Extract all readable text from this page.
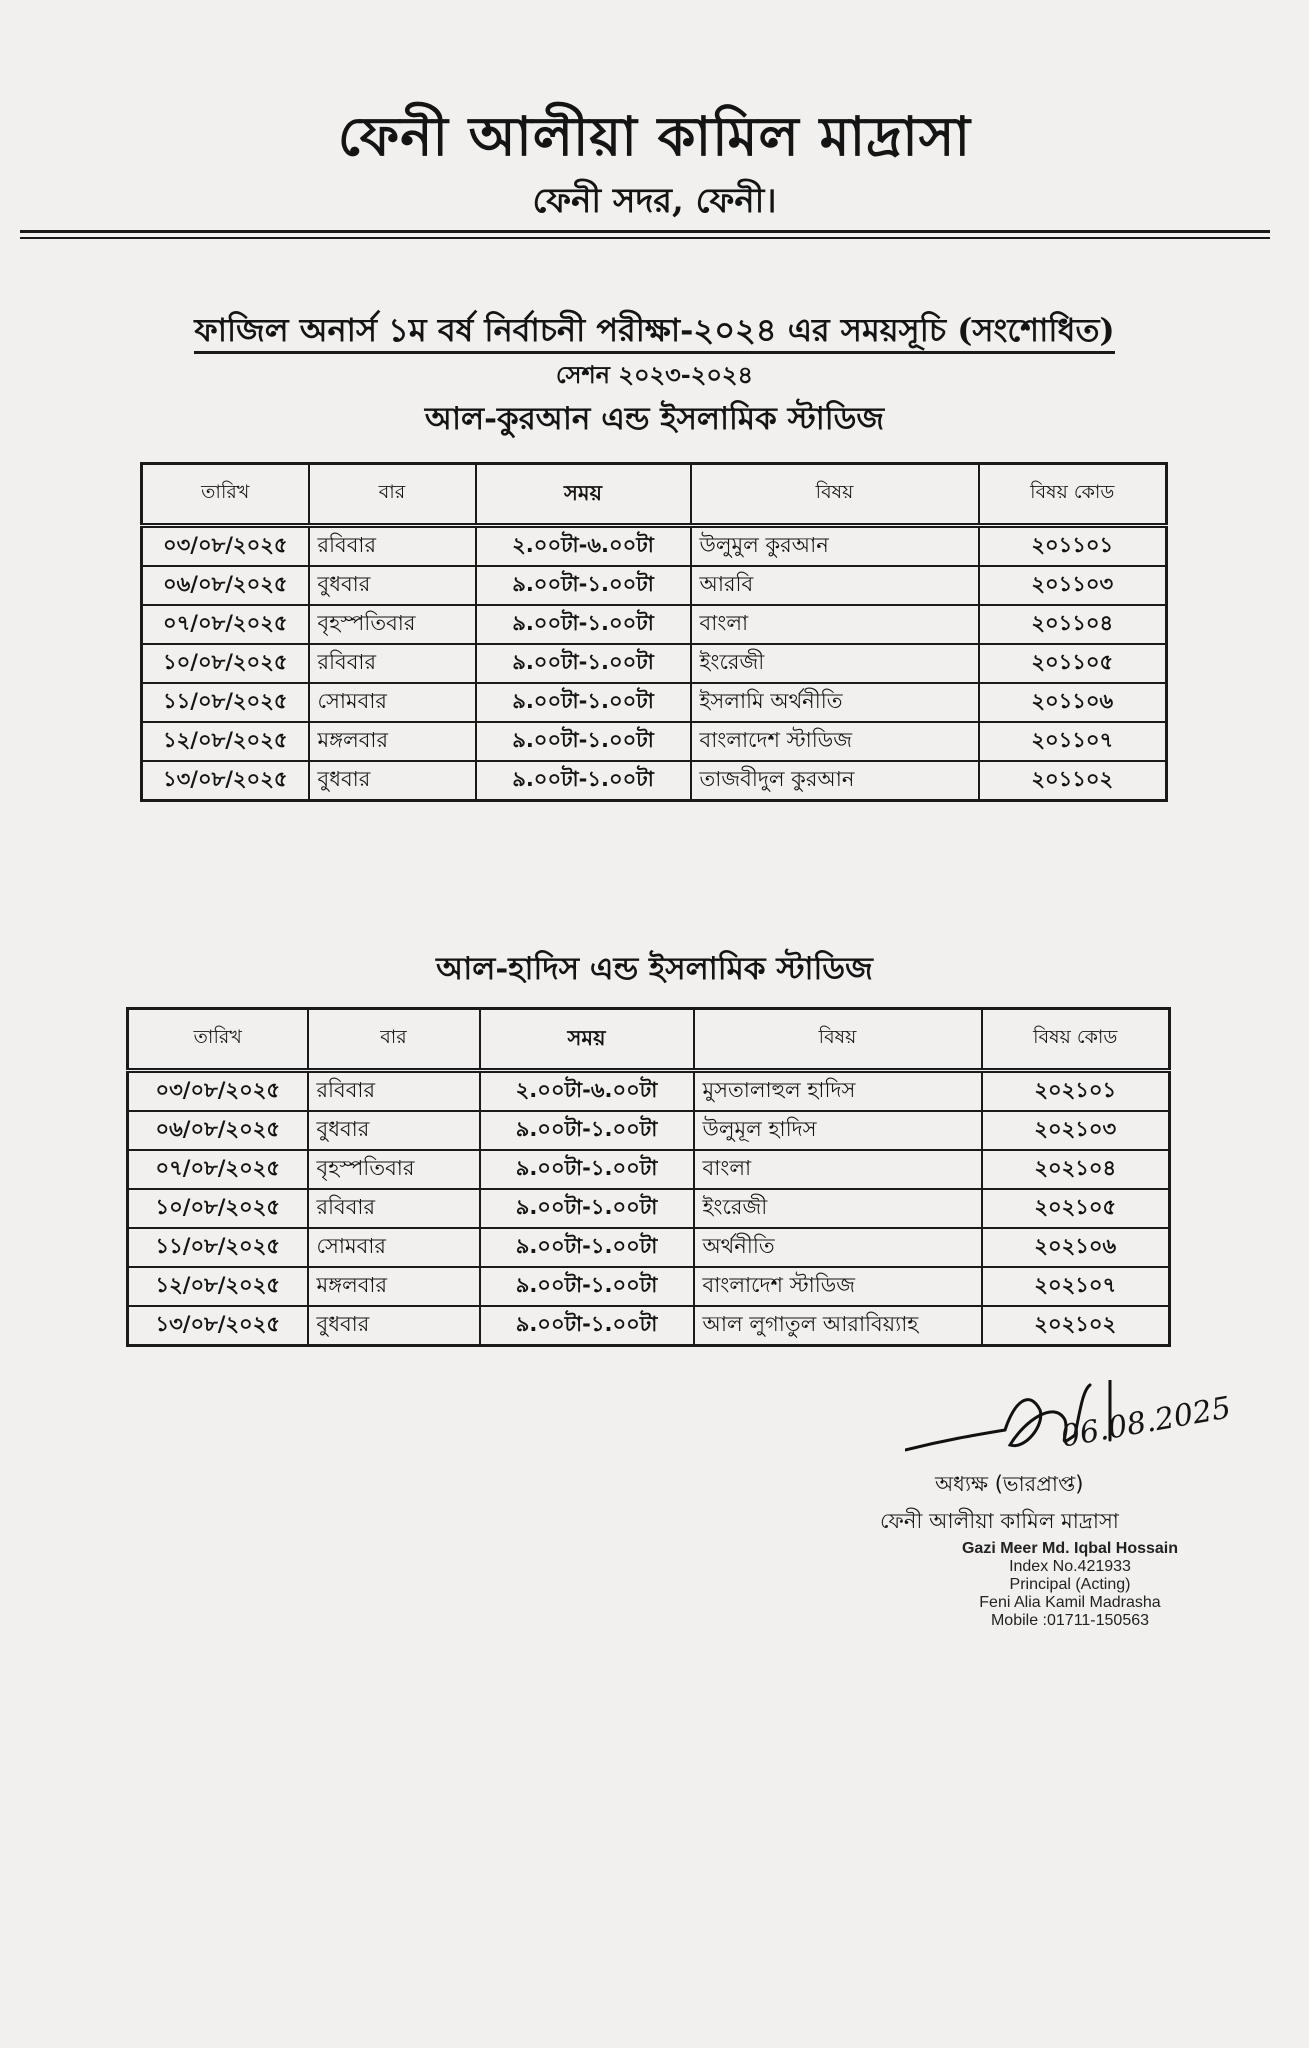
ফেনী আলীয়া কামিল মাদ্রাসা
ফেনী সদর, ফেনী।
ফাজিল অনার্স ১ম বর্ষ নির্বাচনী পরীক্ষা-২০২৪ এর সময়সূচি (সংশোধিত)
সেশন ২০২৩-২০২৪
আল-কুরআন এন্ড ইসলামিক স্টাডিজ
তারিখ	বার	সময়	বিষয়	বিষয় কোড
০৩/০৮/২০২৫	রবিবার	২.০০টা-৬.০০টা	উলুমুল কুরআন	২০১১০১
০৬/০৮/২০২৫	বুধবার	৯.০০টা-১.০০টা	আরবি	২০১১০৩
০৭/০৮/২০২৫	বৃহস্পতিবার	৯.০০টা-১.০০টা	বাংলা	২০১১০৪
১০/০৮/২০২৫	রবিবার	৯.০০টা-১.০০টা	ইংরেজী	২০১১০৫
১১/০৮/২০২৫	সোমবার	৯.০০টা-১.০০টা	ইসলামি অর্থনীতি	২০১১০৬
১২/০৮/২০২৫	মঙ্গলবার	৯.০০টা-১.০০টা	বাংলাদেশ স্টাডিজ	২০১১০৭
১৩/০৮/২০২৫	বুধবার	৯.০০টা-১.০০টা	তাজবীদুল কুরআন	২০১১০২
আল-হাদিস এন্ড ইসলামিক স্টাডিজ
তারিখ	বার	সময়	বিষয়	বিষয় কোড
০৩/০৮/২০২৫	রবিবার	২.০০টা-৬.০০টা	মুসতালাহুল হাদিস	২০২১০১
০৬/০৮/২০২৫	বুধবার	৯.০০টা-১.০০টা	উলুমূল হাদিস	২০২১০৩
০৭/০৮/২০২৫	বৃহস্পতিবার	৯.০০টা-১.০০টা	বাংলা	২০২১০৪
১০/০৮/২০২৫	রবিবার	৯.০০টা-১.০০টা	ইংরেজী	২০২১০৫
১১/০৮/২০২৫	সোমবার	৯.০০টা-১.০০টা	অর্থনীতি	২০২১০৬
১২/০৮/২০২৫	মঙ্গলবার	৯.০০টা-১.০০টা	বাংলাদেশ স্টাডিজ	২০২১০৭
১৩/০৮/২০২৫	বুধবার	৯.০০টা-১.০০টা	আল লুগাতুল আরাবিয়্যাহ	২০২১০২
06.08.2025
অধ্যক্ষ (ভারপ্রাপ্ত)
ফেনী আলীয়া কামিল মাদ্রাসা
Gazi Meer Md. Iqbal Hossain
Index No.421933
Principal (Acting)
Feni Alia Kamil Madrasha
Mobile :01711-150563
